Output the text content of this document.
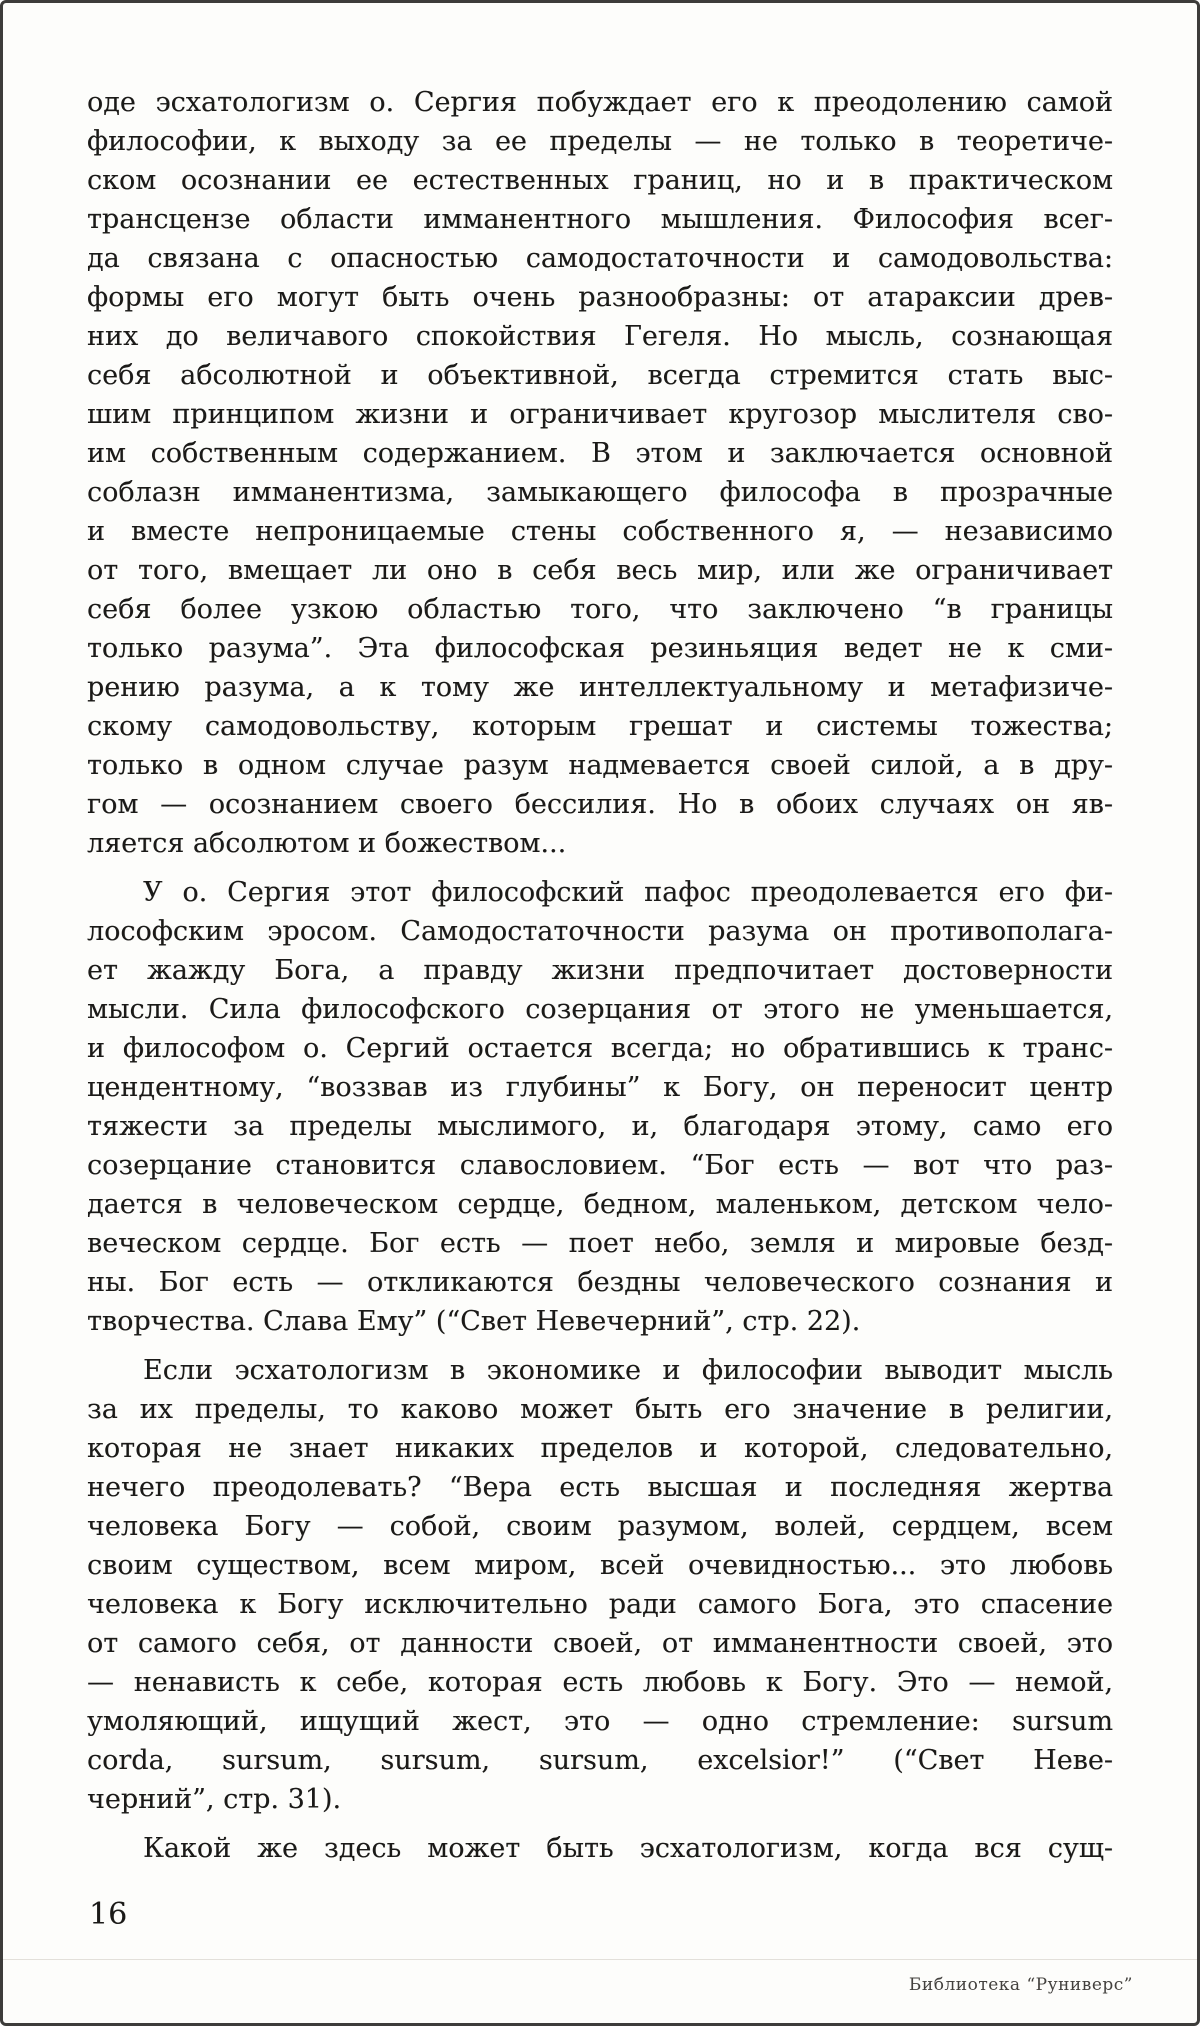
оде эсхатологизм о. Сергия побуждает его к преодолению самой
философии, к выходу за ее пределы — не только в теоретиче-
ском осознании ее естественных границ, но и в практическом
трансцензе области имманентного мышления. Философия всег-
да связана с опасностью самодостаточности и самодовольства:
формы его могут быть очень разнообразны: от атараксии древ-
них до величавого спокойствия Гегеля. Но мысль, сознающая
себя абсолютной и объективной, всегда стремится стать выс-
шим принципом жизни и ограничивает кругозор мыслителя сво-
им собственным содержанием. В этом и заключается основной
соблазн имманентизма, замыкающего философа в прозрачные
и вместе непроницаемые стены собственного я, — независимо
от того, вмещает ли оно в себя весь мир, или же ограничивает
себя более узкою областью того, что заключено “в границы
только разума”. Эта философская резиньяция ведет не к сми-
рению разума, а к тому же интеллектуальному и метафизиче-
скому самодовольству, которым грешат и системы тожества;
только в одном случае разум надмевается своей силой, а в дру-
гом — осознанием своего бессилия. Но в обоих случаях он яв-
ляется абсолютом и божеством...
У о. Сергия этот философский пафос преодолевается его фи-
лософским эросом. Самодостаточности разума он противополага-
ет жажду Бога, а правду жизни предпочитает достоверности
мысли. Сила философского созерцания от этого не уменьшается,
и философом о. Сергий остается всегда; но обратившись к транс-
цендентному, “воззвав из глубины” к Богу, он переносит центр
тяжести за пределы мыслимого, и, благодаря этому, само его
созерцание становится славословием. “Бог есть — вот что раз-
дается в человеческом сердце, бедном, маленьком, детском чело-
веческом сердце. Бог есть — поет небо, земля и мировые безд-
ны. Бог есть — откликаются бездны человеческого сознания и
творчества. Слава Ему” (“Свет Невечерний”, стр. 22).
Если эсхатологизм в экономике и философии выводит мысль
за их пределы, то каково может быть его значение в религии,
которая не знает никаких пределов и которой, следовательно,
нечего преодолевать? “Вера есть высшая и последняя жертва
человека Богу — собой, своим разумом, волей, сердцем, всем
своим существом, всем миром, всей очевидностью... это любовь
человека к Богу исключительно ради самого Бога, это спасение
от самого себя, от данности своей, от имманентности своей, это
— ненависть к себе, которая есть любовь к Богу. Это — немой,
умоляющий, ищущий жест, это — одно стремление: sursum
corda, sursum, sursum, sursum, excelsior!” (“Свет Неве-
черний”, стр. 31).
Какой же здесь может быть эсхатологизм, когда вся сущ-
16
Библиотека “Руниверс”
